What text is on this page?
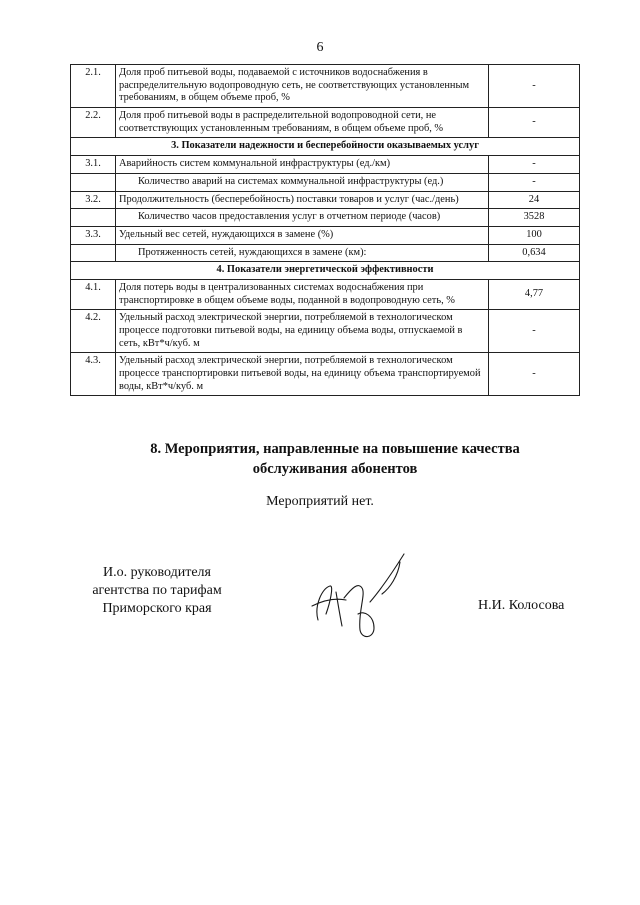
6
2.1.	Доля проб питьевой воды, подаваемой с источников водоснабжения в распределительную водопроводную сеть, не соответствующих установленным требованиям, в общем объеме проб, %	-
2.2.	Доля проб питьевой воды в распределительной водопроводной сети, не соответствующих установленным требованиям, в общем объеме проб, %	-
3. Показатели надежности и бесперебойности оказываемых услуг		
3.1.	Аварийность систем коммунальной инфраструктуры (ед./км)	-
	Количество аварий на системах коммунальной инфраструктуры (ед.)	-
3.2.	Продолжительность (бесперебойность) поставки товаров и услуг (час./день)	24
	Количество часов предоставления услуг в отчетном периоде (часов)	3528
3.3.	Удельный вес сетей, нуждающихся в замене (%)	100
	Протяженность сетей, нуждающихся в замене (км):	0,634
4. Показатели энергетической эффективности		
4.1.	Доля потерь воды в централизованных системах водоснабжения при транспортировке в общем объеме воды, поданной в водопроводную сеть, %	4,77
4.2.	Удельный расход электрической энергии, потребляемой в технологическом процессе подготовки питьевой воды, на единицу объема воды, отпускаемой в сеть, кВт*ч/куб. м	-
4.3.	Удельный расход электрической энергии, потребляемой в технологическом процессе транспортировки питьевой воды, на единицу объема транспортируемой воды, кВт*ч/куб. м	-
8. Мероприятия, направленные на повышение качества
обслуживания абонентов
Мероприятий нет.
И.о. руководителя
агентства по тарифам
Приморского края	Н.И. Колосова
